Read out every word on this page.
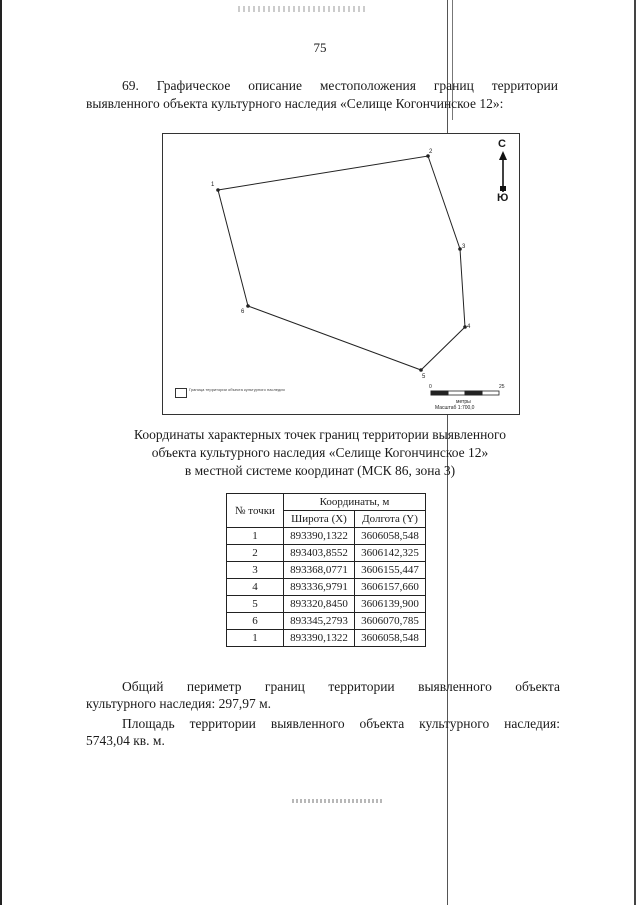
75
69. Графическое описание местоположения границ территории
выявленного объекта культурного наследия «Селище Когончинское 12»:
1
2
3
4
5
6
Граница территории объекта культурного наследия
С
Ю
0	25
метры
Масштаб 1:700,0
Координаты характерных точек границ территории выявленного
объекта культурного наследия «Селище Когончинское 12»
в местной системе координат (МСК 86, зона 3)
№ точки	Координаты, м	
	Широта (X)	Долгота (Y)
1	893390,1322	3606058,548
2	893403,8552	3606142,325
3	893368,0771	3606155,447
4	893336,9791	3606157,660
5	893320,8450	3606139,900
6	893345,2793	3606070,785
1	893390,1322	3606058,548
Общий периметр границ территории выявленного объекта
культурного наследия: 297,97 м.
Площадь территории выявленного объекта культурного наследия:
5743,04 кв. м.
